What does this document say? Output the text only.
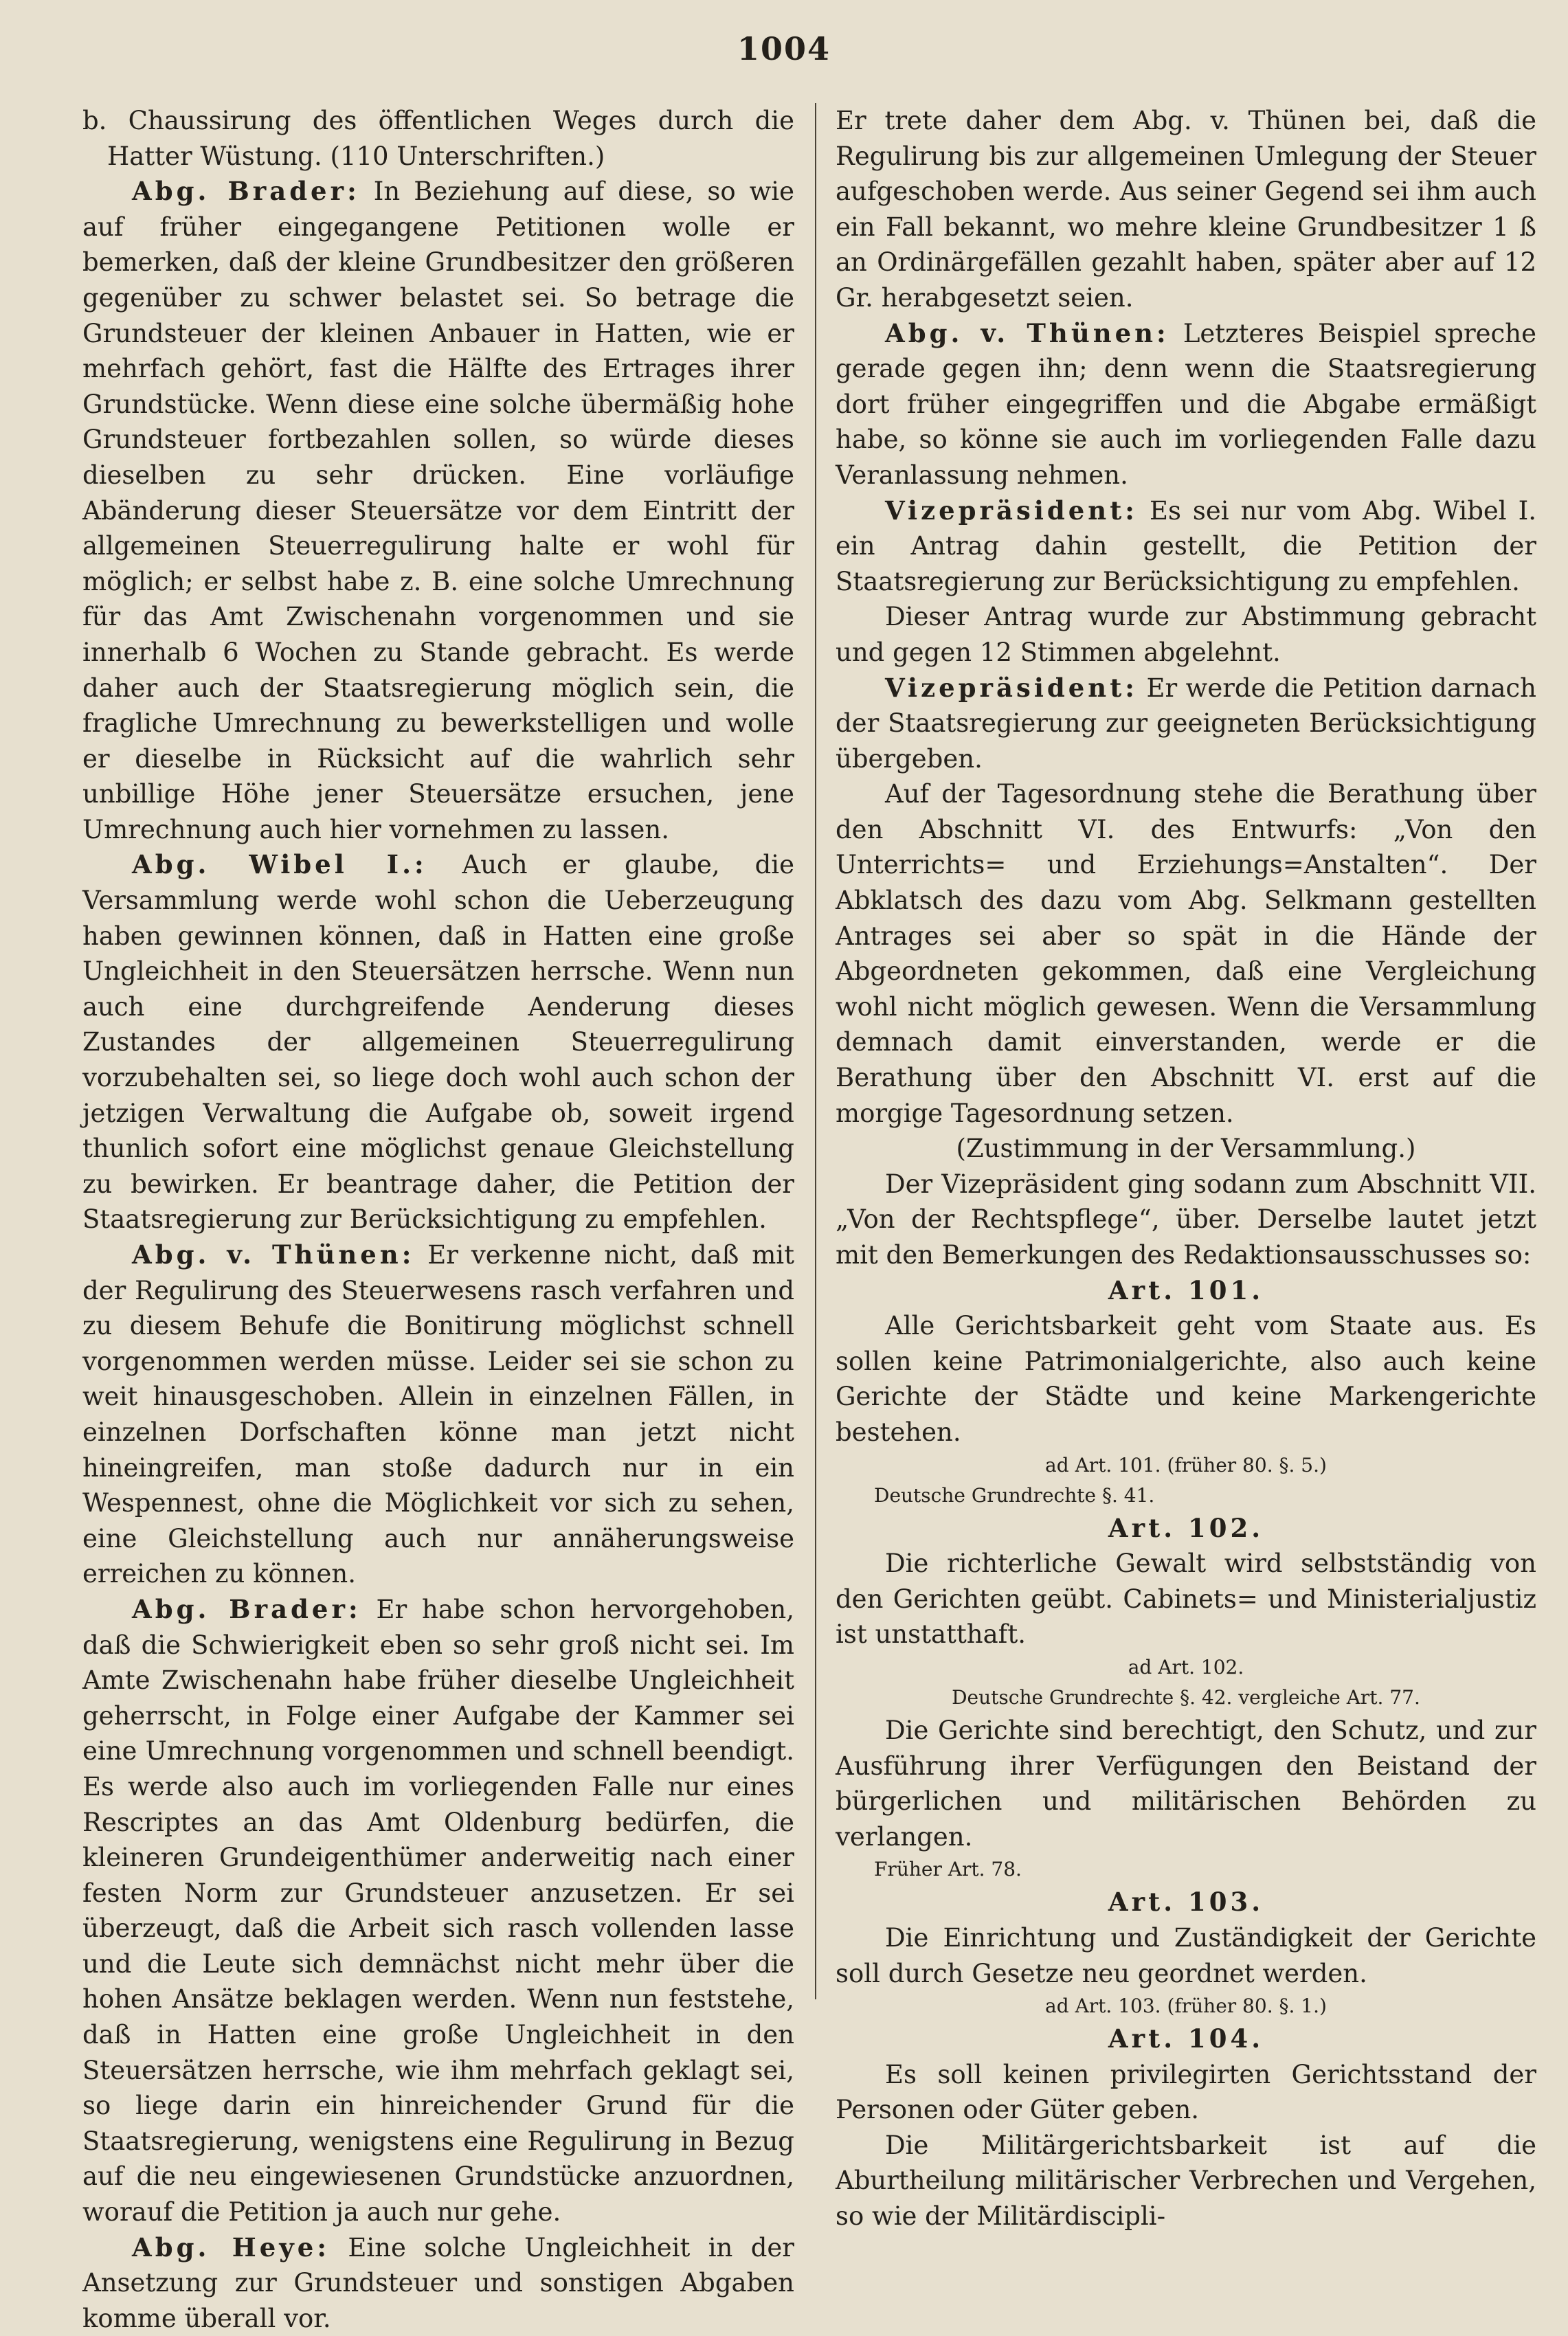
1004

b. Chaussirung des öffentlichen Weges durch die Hatter Wüstung. (110 Unterschriften.)

Abg. Brader: In Beziehung auf diese, so wie auf früher eingegangene Petitionen wolle er bemerken, daß der kleine Grundbesitzer den größeren gegenüber zu schwer belastet sei. So betrage die Grundsteuer der kleinen Anbauer in Hatten, wie er mehrfach gehört, fast die Hälfte des Ertrages ihrer Grundstücke. Wenn diese eine solche übermäßig hohe Grundsteuer fortbezahlen sollen, so würde dieses dieselben zu sehr drücken. Eine vorläufige Abänderung dieser Steuersätze vor dem Eintritt der allgemeinen Steuerregulirung halte er wohl für möglich; er selbst habe z. B. eine solche Umrechnung für das Amt Zwischenahn vorgenommen und sie innerhalb 6 Wochen zu Stande gebracht. Es werde daher auch der Staatsregierung möglich sein, die fragliche Umrechnung zu bewerkstelligen und wolle er dieselbe in Rücksicht auf die wahrlich sehr unbillige Höhe jener Steuersätze ersuchen, jene Umrechnung auch hier vornehmen zu lassen.

Abg. Wibel I.: Auch er glaube, die Versammlung werde wohl schon die Ueberzeugung haben gewinnen können, daß in Hatten eine große Ungleichheit in den Steuersätzen herrsche. Wenn nun auch eine durchgreifende Aenderung dieses Zustandes der allgemeinen Steuerregulirung vorzubehalten sei, so liege doch wohl auch schon der jetzigen Verwaltung die Aufgabe ob, soweit irgend thunlich sofort eine möglichst genaue Gleichstellung zu bewirken. Er beantrage daher, die Petition der Staatsregierung zur Berücksichtigung zu empfehlen.

Abg. v. Thünen: Er verkenne nicht, daß mit der Regulirung des Steuerwesens rasch verfahren und zu diesem Behufe die Bonitirung möglichst schnell vorgenommen werden müsse. Leider sei sie schon zu weit hinausgeschoben. Allein in einzelnen Fällen, in einzelnen Dorfschaften könne man jetzt nicht hineingreifen, man stoße dadurch nur in ein Wespennest, ohne die Möglichkeit vor sich zu sehen, eine Gleichstellung auch nur annäherungsweise erreichen zu können.

Abg. Brader: Er habe schon hervorgehoben, daß die Schwierigkeit eben so sehr groß nicht sei. Im Amte Zwischenahn habe früher dieselbe Ungleichheit geherrscht, in Folge einer Aufgabe der Kammer sei eine Umrechnung vorgenommen und schnell beendigt. Es werde also auch im vorliegenden Falle nur eines Rescriptes an das Amt Oldenburg bedürfen, die kleineren Grundeigenthümer anderweitig nach einer festen Norm zur Grundsteuer anzusetzen. Er sei überzeugt, daß die Arbeit sich rasch vollenden lasse und die Leute sich demnächst nicht mehr über die hohen Ansätze beklagen werden. Wenn nun feststehe, daß in Hatten eine große Ungleichheit in den Steuersätzen herrsche, wie ihm mehrfach geklagt sei, so liege darin ein hinreichender Grund für die Staatsregierung, wenigstens eine Regulirung in Bezug auf die neu eingewiesenen Grundstücke anzuordnen, worauf die Petition ja auch nur gehe.

Abg. Heye: Eine solche Ungleichheit in der Ansetzung zur Grundsteuer und sonstigen Abgaben komme überall vor.

Er trete daher dem Abg. v. Thünen bei, daß die Regulirung bis zur allgemeinen Umlegung der Steuer aufgeschoben werde. Aus seiner Gegend sei ihm auch ein Fall bekannt, wo mehre kleine Grundbesitzer 1 ß an Ordinärgefällen gezahlt haben, später aber auf 12 Gr. herabgesetzt seien.

Abg. v. Thünen: Letzteres Beispiel spreche gerade gegen ihn; denn wenn die Staatsregierung dort früher eingegriffen und die Abgabe ermäßigt habe, so könne sie auch im vorliegenden Falle dazu Veranlassung nehmen.

Vizepräsident: Es sei nur vom Abg. Wibel I. ein Antrag dahin gestellt, die Petition der Staatsregierung zur Berücksichtigung zu empfehlen.

Dieser Antrag wurde zur Abstimmung gebracht und gegen 12 Stimmen abgelehnt.

Vizepräsident: Er werde die Petition darnach der Staatsregierung zur geeigneten Berücksichtigung übergeben.

Auf der Tagesordnung stehe die Berathung über den Abschnitt VI. des Entwurfs: „Von den Unterrichts= und Erziehungs=Anstalten“. Der Abklatsch des dazu vom Abg. Selkmann gestellten Antrages sei aber so spät in die Hände der Abgeordneten gekommen, daß eine Vergleichung wohl nicht möglich gewesen. Wenn die Versammlung demnach damit einverstanden, werde er die Berathung über den Abschnitt VI. erst auf die morgige Tagesordnung setzen.

(Zustimmung in der Versammlung.)

Der Vizepräsident ging sodann zum Abschnitt VII. „Von der Rechtspflege“, über. Derselbe lautet jetzt mit den Bemerkungen des Redaktionsausschusses so:

Art. 101.

Alle Gerichtsbarkeit geht vom Staate aus. Es sollen keine Patrimonialgerichte, also auch keine Gerichte der Städte und keine Markengerichte bestehen.

ad Art. 101. (früher 80. §. 5.)

Deutsche Grundrechte §. 41.

Art. 102.

Die richterliche Gewalt wird selbstständig von den Gerichten geübt. Cabinets= und Ministerialjustiz ist unstatthaft.

ad Art. 102.

Deutsche Grundrechte §. 42. vergleiche Art. 77.

Die Gerichte sind berechtigt, den Schutz, und zur Ausführung ihrer Verfügungen den Beistand der bürgerlichen und militärischen Behörden zu verlangen.

Früher Art. 78.

Art. 103.

Die Einrichtung und Zuständigkeit der Gerichte soll durch Gesetze neu geordnet werden.

ad Art. 103. (früher 80. §. 1.)

Art. 104.

Es soll keinen privilegirten Gerichtsstand der Personen oder Güter geben.

Die Militärgerichtsbarkeit ist auf die Aburtheilung militärischer Verbrechen und Vergehen, so wie der Militärdiscipli-
